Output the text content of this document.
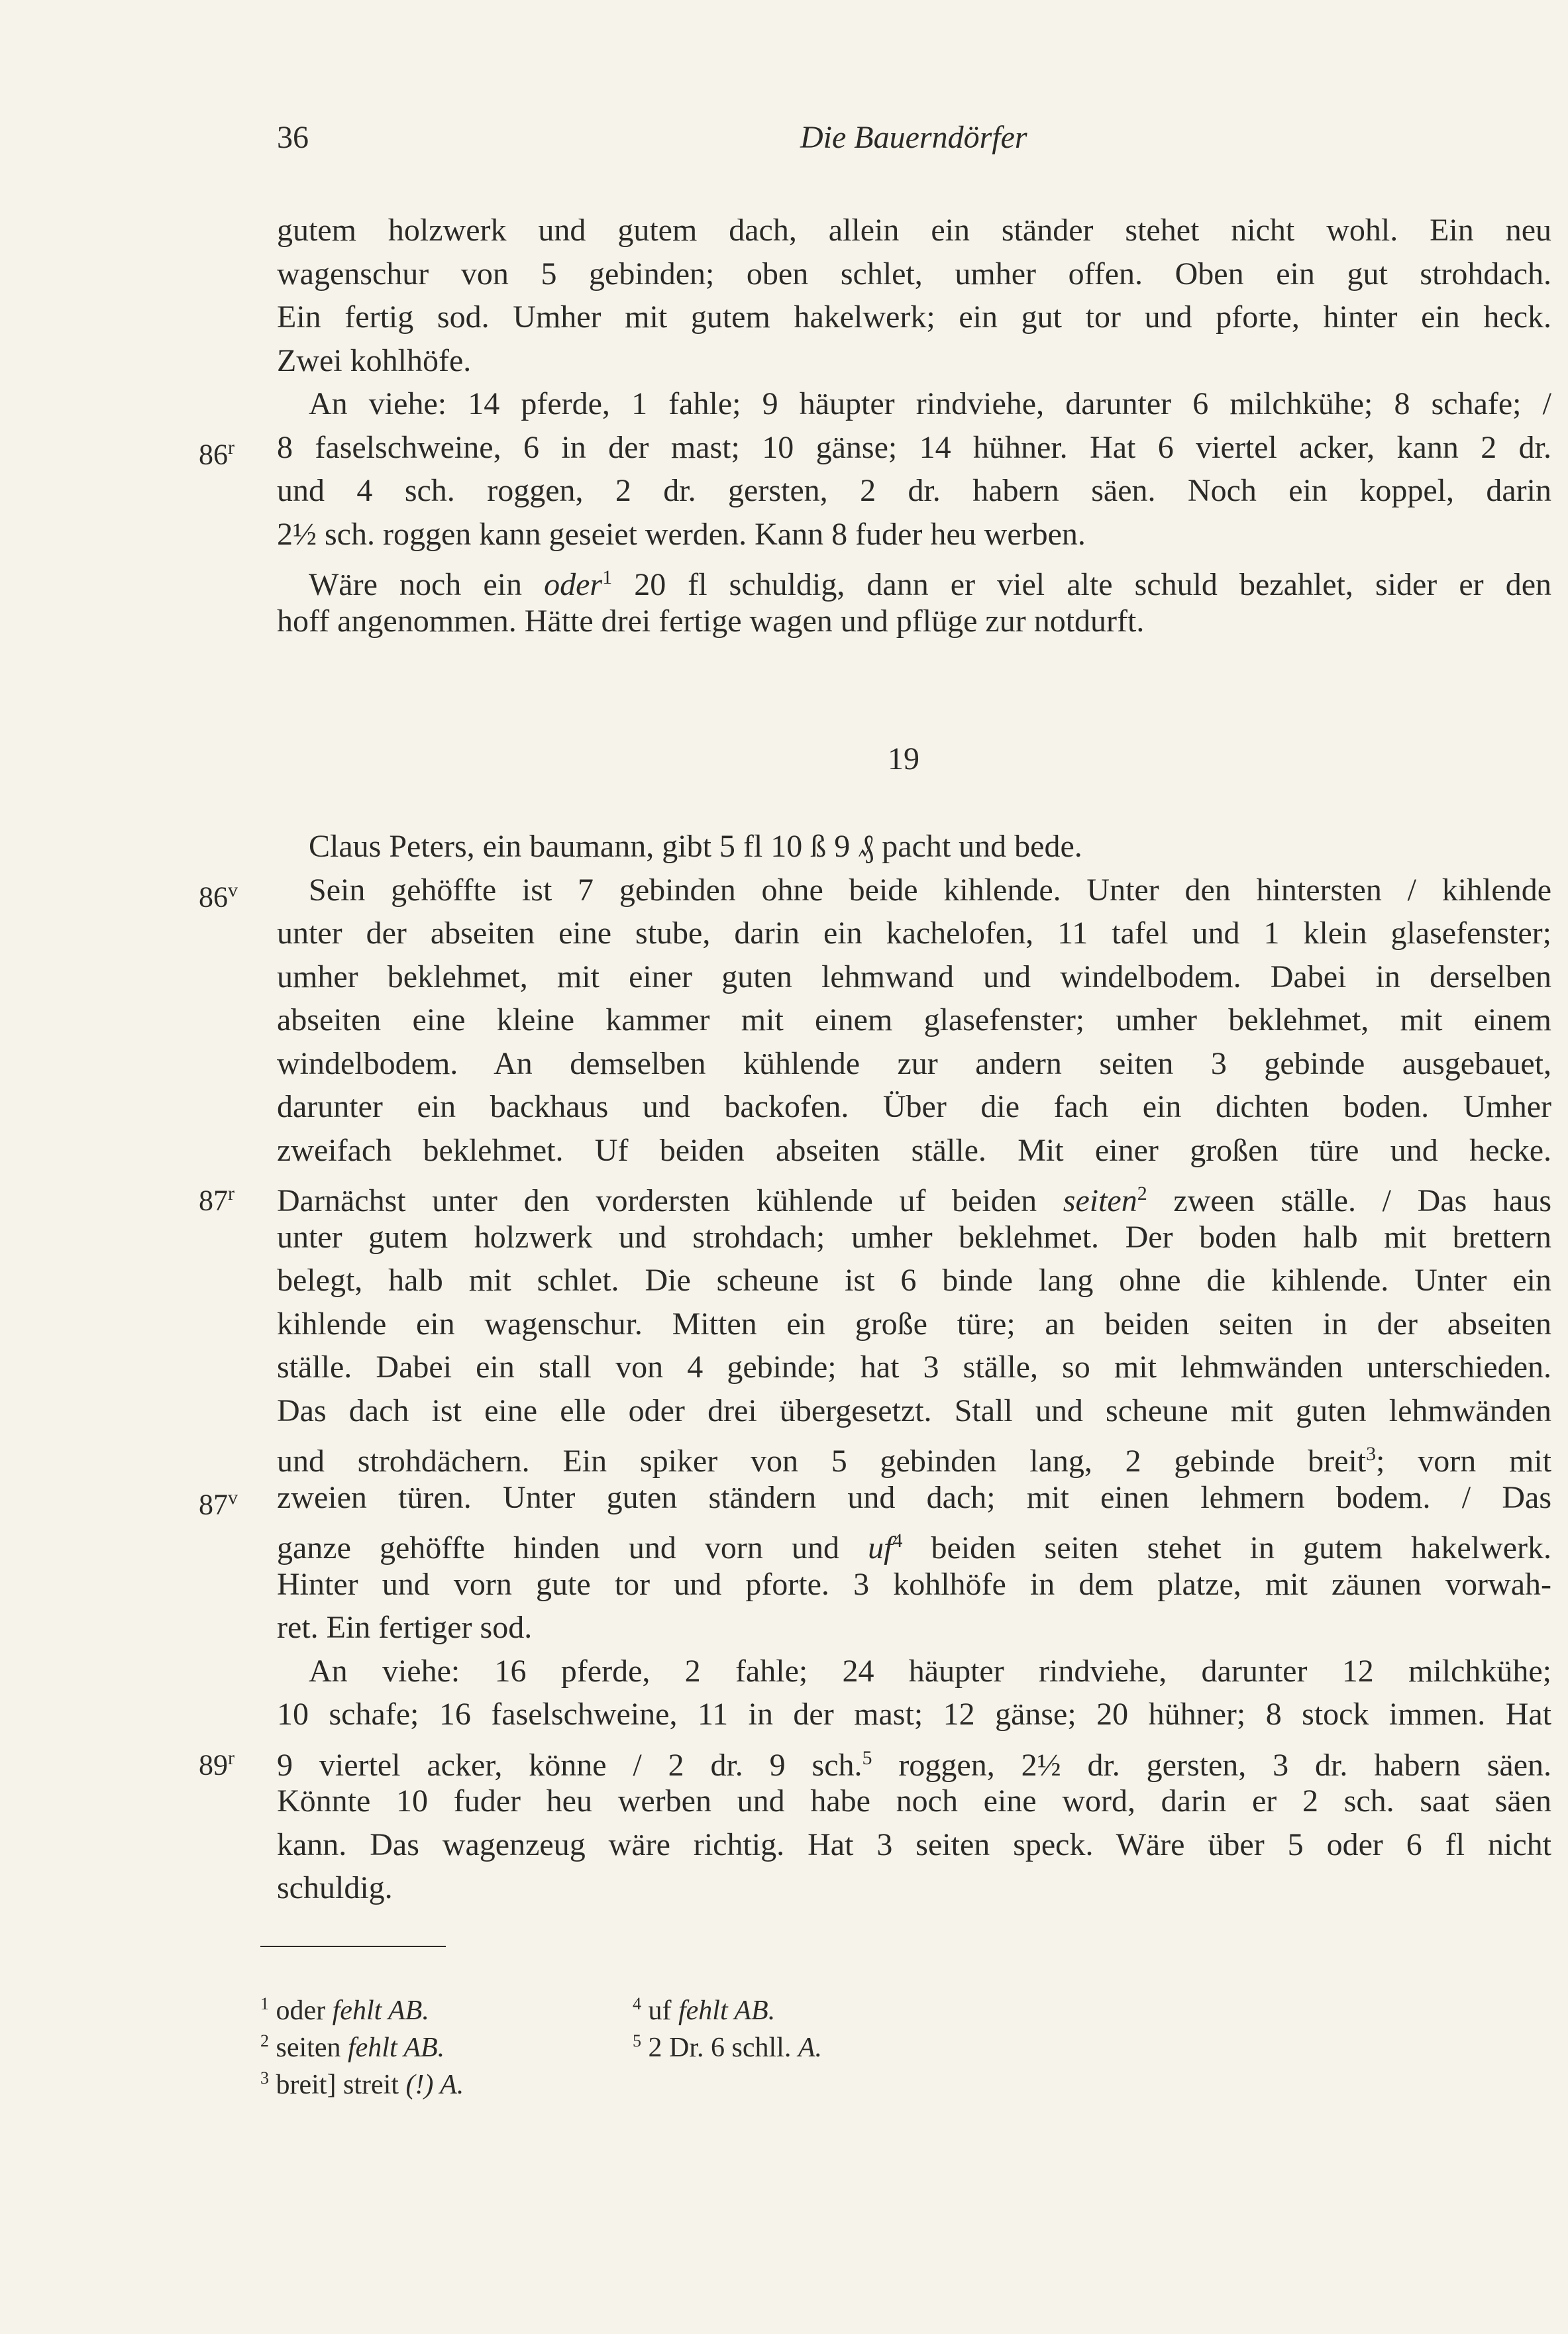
36	Die Bauerndörfer
gutem holzwerk und gutem dach, allein ein ständer stehet nicht wohl. Ein neu
wagenschur von 5 gebinden; oben schlet, umher offen. Oben ein gut strohdach.
Ein fertig sod. Umher mit gutem hakelwerk; ein gut tor und pforte, hinter ein heck.
Zwei kohlhöfe.
An viehe: 14 pferde, 1 fahle; 9 häupter rindviehe, darunter 6 milchkühe; 8 schafe; /
86$^r$ 8 faselschweine, 6 in der mast; 10 gänse; 14 hühner. Hat 6 viertel acker, kann 2 dr.
und 4 sch. roggen, 2 dr. gersten, 2 dr. habern säen. Noch ein koppel, darin
2½ sch. roggen kann geseiet werden. Kann 8 fuder heu werben.
Wäre noch ein oder$^1$ 20 fl schuldig, dann er viel alte schuld bezahlet, sider er den
hoff angenommen. Hätte drei fertige wagen und pflüge zur notdurft.
19
Claus Peters, ein baumann, gibt 5 fl 10 ß 9 ₰ pacht und bede.
86$^v$ Sein gehöffte ist 7 gebinden ohne beide kihlende. Unter den hintersten / kihlende
unter der abseiten eine stube, darin ein kachelofen, 11 tafel und 1 klein glasefenster;
umher beklehmet, mit einer guten lehmwand und windelbodem. Dabei in derselben
abseiten eine kleine kammer mit einem glasefenster; umher beklehmet, mit einem
windelbodem. An demselben kühlende zur andern seiten 3 gebinde ausgebauet,
darunter ein backhaus und backofen. Über die fach ein dichten boden. Umher
zweifach beklehmet. Uf beiden abseiten ställe. Mit einer großen türe und hecke.
87$^r$ Darnächst unter den vordersten kühlende uf beiden seiten$^2$ zween ställe. / Das haus
unter gutem holzwerk und strohdach; umher beklehmet. Der boden halb mit brettern
belegt, halb mit schlet. Die scheune ist 6 binde lang ohne die kihlende. Unter ein
kihlende ein wagenschur. Mitten ein große türe; an beiden seiten in der abseiten
ställe. Dabei ein stall von 4 gebinde; hat 3 ställe, so mit lehmwänden unterschieden.
Das dach ist eine elle oder drei übergesetzt. Stall und scheune mit guten lehmwänden
und strohdächern. Ein spiker von 5 gebinden lang, 2 gebinde breit$^3$; vorn mit
87$^v$ zweien türen. Unter guten ständern und dach; mit einen lehmern bodem. / Das
ganze gehöffte hinden und vorn und $uf^4$ beiden seiten stehet in gutem hakelwerk.
Hinter und vorn gute tor und pforte. 3 kohlhöfe in dem platze, mit zäunen vorwah-
ret. Ein fertiger sod.
An viehe: 16 pferde, 2 fahle; 24 häupter rindviehe, darunter 12 milchkühe;
10 schafe; 16 faselschweine, 11 in der mast; 12 gänse; 20 hühner; 8 stock immen. Hat
89$^r$ 9 viertel acker, könne / 2 dr. 9 sch.$^5$ roggen, 2½ dr. gersten, 3 dr. habern säen.
Könnte 10 fuder heu werben und habe noch eine word, darin er 2 sch. saat säen
kann. Das wagenzeug wäre richtig. Hat 3 seiten speck. Wäre über 5 oder 6 fl nicht
schuldig.
$^1$ oder fehlt AB.
$^2$ seiten fehlt AB.
$^3$ breit] streit (!) A.
$^4$ uf fehlt AB.
$^5$ 2 Dr. 6 schll. A.
